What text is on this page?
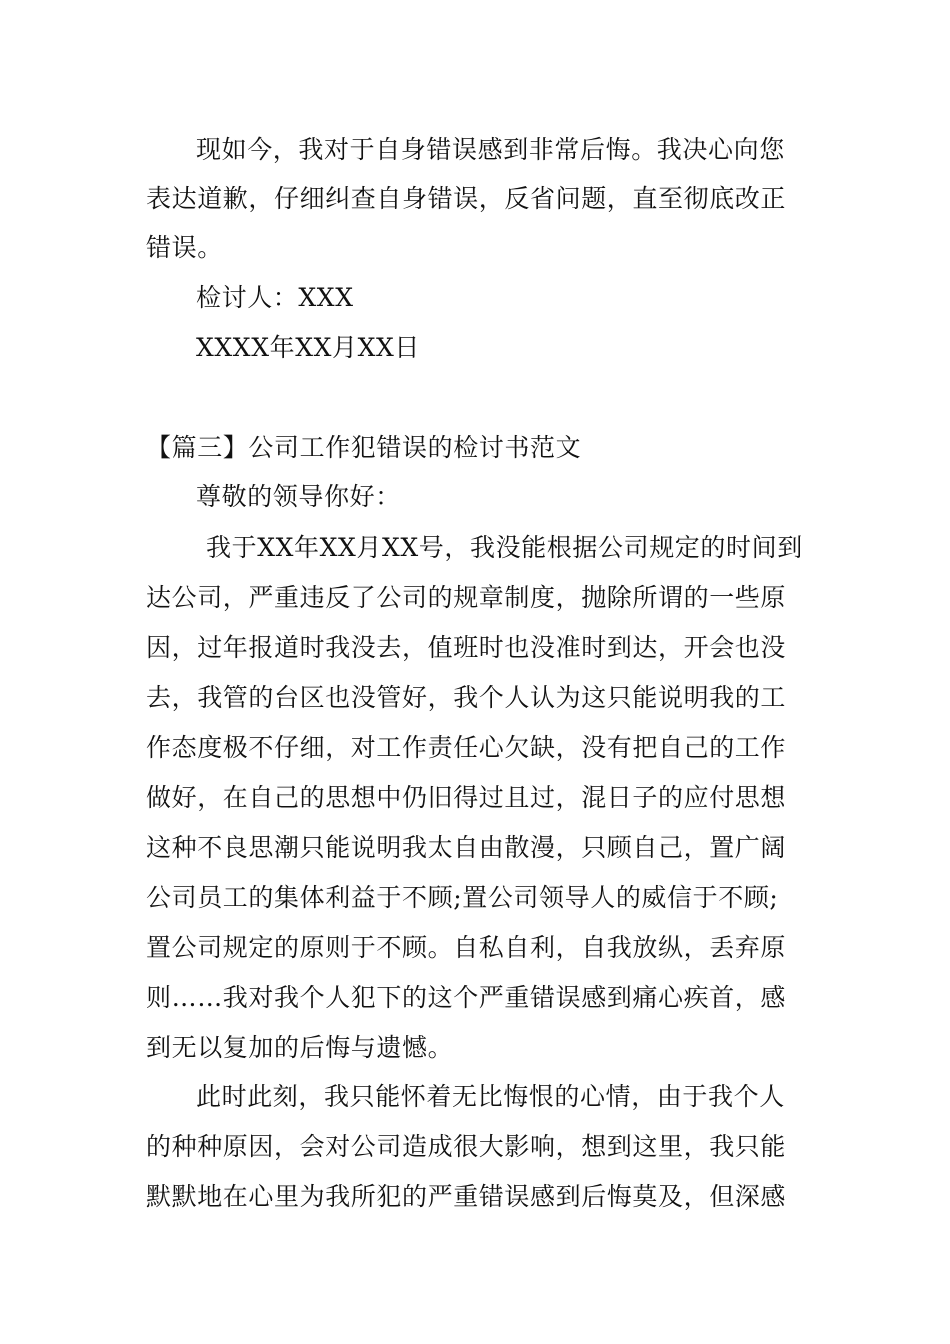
现如今，我对于自身错误感到非常后悔。我决心向您
表达道歉，仔细纠查自身错误，反省问题，直至彻底改正
错误。
检讨人：XXX
XXXX年XX月XX日
【篇三】公司工作犯错误的检讨书范文
尊敬的领导你好：
我于XX年XX月XX号，我没能根据公司规定的时间到
达公司，严重违反了公司的规章制度，抛除所谓的一些原
因，过年报道时我没去，值班时也没准时到达，开会也没
去，我管的台区也没管好，我个人认为这只能说明我的工
作态度极不仔细，对工作责任心欠缺，没有把自己的工作
做好，在自己的思想中仍旧得过且过，混日子的应付思想
这种不良思潮只能说明我太自由散漫，只顾自己，置广阔
公司员工的集体利益于不顾;置公司领导人的威信于不顾;
置公司规定的原则于不顾。自私自利，自我放纵，丢弃原
则……我对我个人犯下的这个严重错误感到痛心疾首，感
到无以复加的后悔与遗憾。
此时此刻，我只能怀着无比悔恨的心情，由于我个人
的种种原因，会对公司造成很大影响，想到这里，我只能
默默地在心里为我所犯的严重错误感到后悔莫及，但深感
